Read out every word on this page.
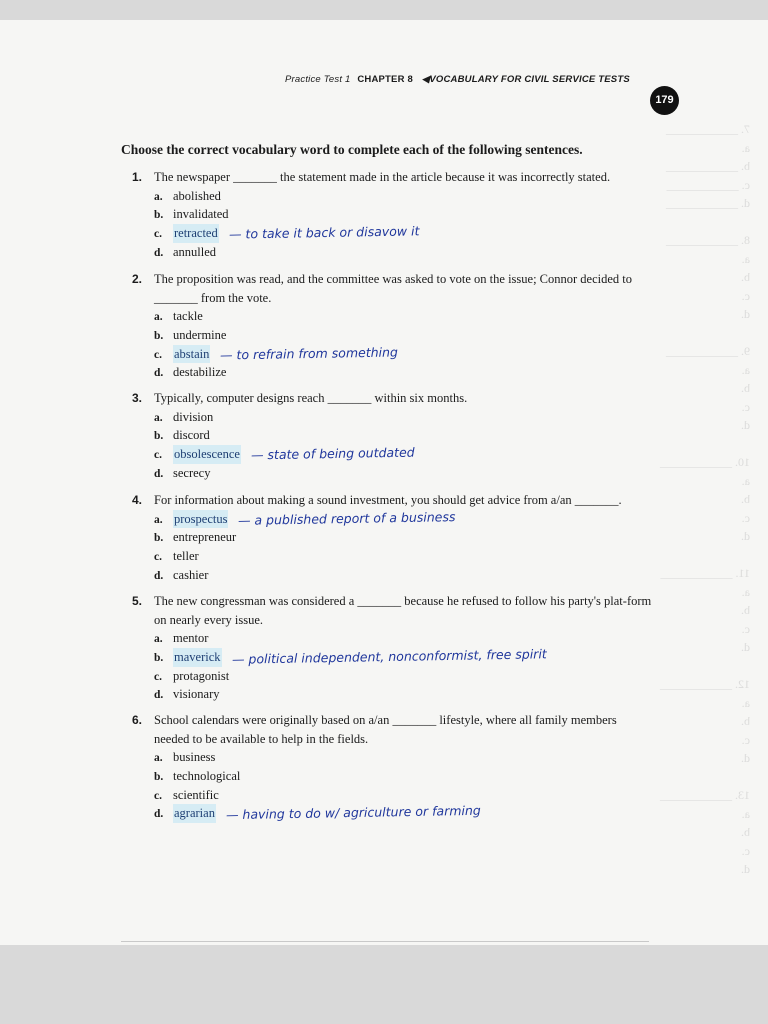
7. ____________
a.
b. ____________
c. ____________
d. ____________

8. ____________
a.
b.
c.
d.

9. ____________
a.
b.
c.
d.

10. ____________
a.
b.
c.
d.

11. ____________
a.
b.
c.
d.

12. ____________
a.
b.
c.
d.

13. ____________
a.
b.
c.
d.
Practice Test 1 CHAPTER 8 ◀VOCABULARY FOR CIVIL SERVICE TESTS
179
Choose the correct vocabulary word to complete each of the following sentences.
1. The newspaper _______ the statement made in the article because it was incorrectly stated.
a. abolished
b. invalidated
c. retracted — to take it back or disavow it
d. annulled
2. The proposition was read, and the committee was asked to vote on the issue; Connor decided to _______ from the vote.
a. tackle
b. undermine
c. abstain — to refrain from something
d. destabilize
3. Typically, computer designs reach _______ within six months.
a. division
b. discord
c. obsolescence — state of being outdated
d. secrecy
4. For information about making a sound investment, you should get advice from a/an _______.
a. prospectus — a published report of a business
b. entrepreneur
c. teller
d. cashier
5. The new congressman was considered a _______ because he refused to follow his party's plat-form on nearly every issue.
a. mentor
b. maverick — political independent, nonconformist, free spirit
c. protagonist
d. visionary
6. School calendars were originally based on a/an _______ lifestyle, where all family members needed to be available to help in the fields.
a. business
b. technological
c. scientific
d. agrarian — having to do w/ agriculture or farming
